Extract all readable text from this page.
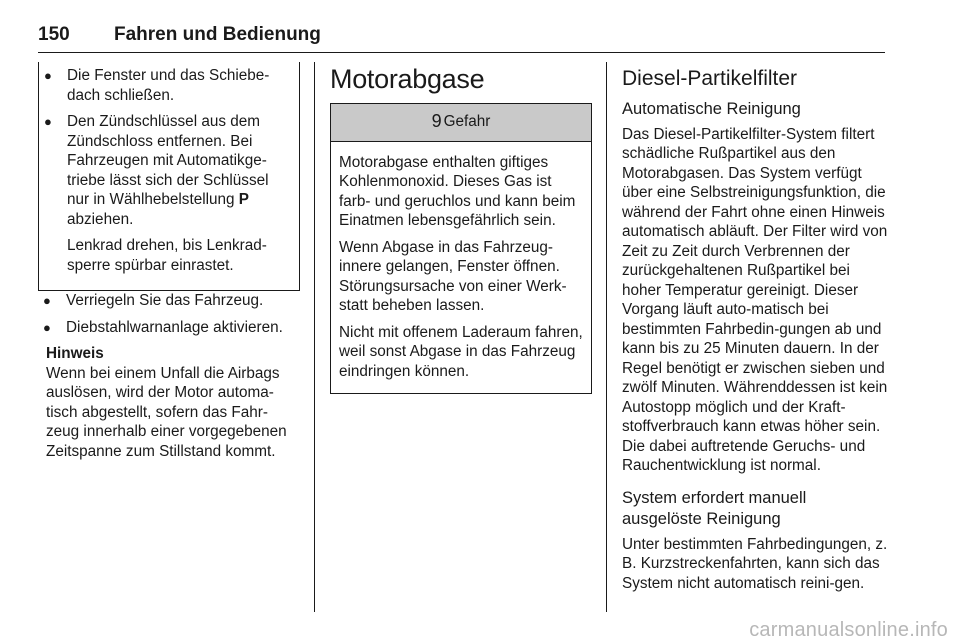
150 Fahren und Bedienung
● Die Fenster und das Schiebe-dach schließen.
● Den Zündschlüssel aus dem Zündschloss entfernen. Bei Fahrzeugen mit Automatikge-triebe lässt sich der Schlüssel nur in Wählhebelstellung P
abziehen.
Lenkrad drehen, bis Lenkrad-sperre spürbar einrastet.
● Verriegeln Sie das Fahrzeug.
● Diebstahlwarnanlage aktivieren.
Hinweis
Wenn bei einem Unfall die Airbags auslösen, wird der Motor automa-tisch abgestellt, sofern das Fahr-zeug innerhalb einer vorgegebenen Zeitspanne zum Stillstand kommt.
Motorabgase
9 Gefahr

Motorabgase enthalten giftiges Kohlenmonoxid. Dieses Gas ist farb- und geruchlos und kann beim Einatmen lebensgefährlich sein.

Wenn Abgase in das Fahrzeug-innere gelangen, Fenster öffnen. Störungsursache von einer Werk-statt beheben lassen.

Nicht mit offenem Laderaum fahren, weil sonst Abgase in das Fahrzeug eindringen können.

Diesel-Partikelfilter
Automatische Reinigung

Das Diesel-Partikelfilter-System filtert schädliche Rußpartikel aus den Motorabgasen. Das System verfügt über eine Selbstreinigungsfunktion, die während der Fahrt ohne einen Hinweis automatisch abläuft. Der Filter wird von Zeit zu Zeit durch Verbrennen der zurückgehaltenen Rußpartikel bei hoher Temperatur gereinigt. Dieser Vorgang läuft auto-matisch bei bestimmten Fahrbedin-gungen ab und kann bis zu 25 Minuten dauern. In der Regel benötigt er zwischen sieben und zwölf Minuten. Währenddessen ist kein Autostopp möglich und der Kraft-stoffverbrauch kann etwas höher sein. Die dabei auftretende Geruchs- und Rauchentwicklung ist normal.

System erfordert manuell ausgelöste Reinigung

Unter bestimmten Fahrbedingungen, z. B. Kurzstreckenfahrten, kann sich das System nicht automatisch reini-gen.

carmanualsonline.info
